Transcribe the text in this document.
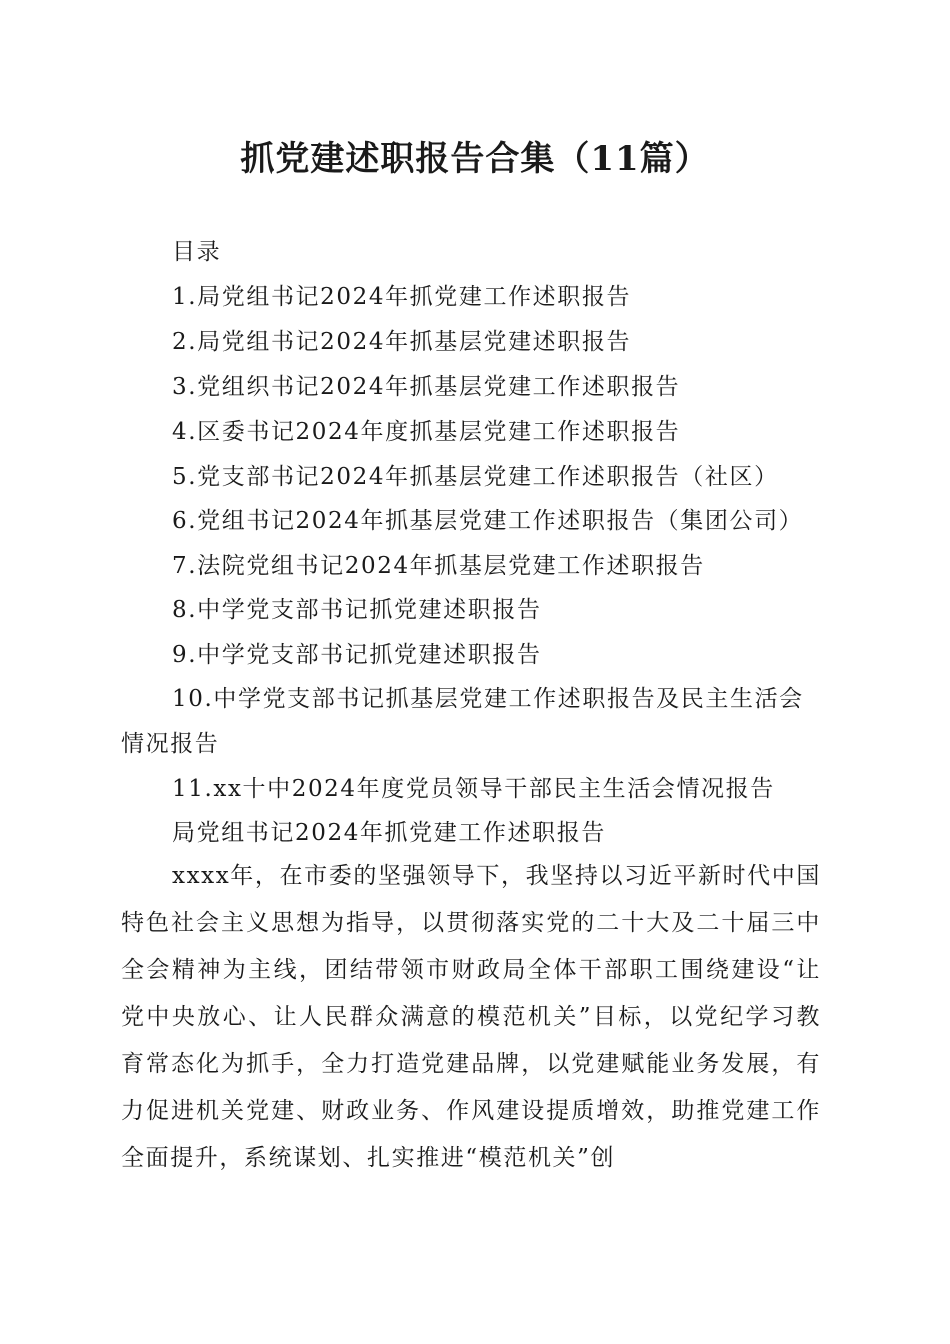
抓党建述职报告合集（11篇）
目录
1.局党组书记2024年抓党建工作述职报告
2.局党组书记2024年抓基层党建述职报告
3.党组织书记2024年抓基层党建工作述职报告
4.区委书记2024年度抓基层党建工作述职报告
5.党支部书记2024年抓基层党建工作述职报告（社区）
6.党组书记2024年抓基层党建工作述职报告（集团公司）
7.法院党组书记2024年抓基层党建工作述职报告
8.中学党支部书记抓党建述职报告
9.中学党支部书记抓党建述职报告
10.中学党支部书记抓基层党建工作述职报告及民主生活会
情况报告
11.xx十中2024年度党员领导干部民主生活会情况报告
局党组书记2024年抓党建工作述职报告
xxxx年，在市委的坚强领导下，我坚持以习近平新时代中国特色社会主义思想为指导，以贯彻落实党的二十大及二十届三中全会精神为主线，团结带领市财政局全体干部职工围绕建设“让党中央放心、让人民群众满意的模范机关”目标，以党纪学习教育常态化为抓手，全力打造党建品牌，以党建赋能业务发展，有力促进机关党建、财政业务、作风建设提质增效，助推党建工作全面提升，系统谋划、扎实推进“模范机关”创
